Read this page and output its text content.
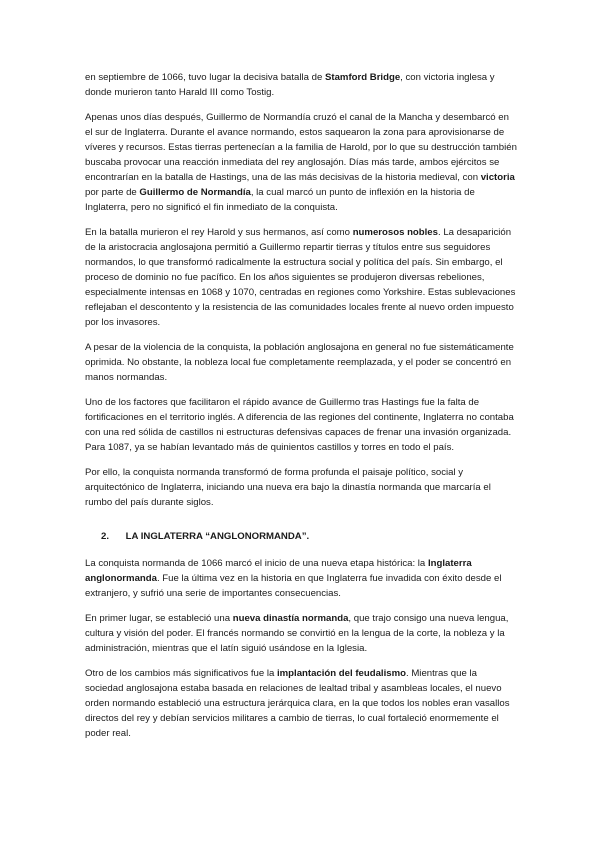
en septiembre de 1066, tuvo lugar la decisiva batalla de Stamford Bridge, con victoria inglesa y donde murieron tanto Harald III como Tostig.

Apenas unos días después, Guillermo de Normandía cruzó el canal de la Mancha y desembarcó en el sur de Inglaterra. Durante el avance normando, estos saquearon la zona para aprovisionarse de víveres y recursos. Estas tierras pertenecían a la familia de Harold, por lo que su destrucción también buscaba provocar una reacción inmediata del rey anglosajón. Días más tarde, ambos ejércitos se encontrarían en la batalla de Hastings, una de las más decisivas de la historia medieval, con victoria por parte de Guillermo de Normandía, la cual marcó un punto de inflexión en la historia de Inglaterra, pero no significó el fin inmediato de la conquista.

En la batalla murieron el rey Harold y sus hermanos, así como numerosos nobles. La desaparición de la aristocracia anglosajona permitió a Guillermo repartir tierras y títulos entre sus seguidores normandos, lo que transformó radicalmente la estructura social y política del país. Sin embargo, el proceso de dominio no fue pacífico. En los años siguientes se produjeron diversas rebeliones, especialmente intensas en 1068 y 1070, centradas en regiones como Yorkshire. Estas sublevaciones reflejaban el descontento y la resistencia de las comunidades locales frente al nuevo orden impuesto por los invasores.

A pesar de la violencia de la conquista, la población anglosajona en general no fue sistemáticamente oprimida. No obstante, la nobleza local fue completamente reemplazada, y el poder se concentró en manos normandas.

Uno de los factores que facilitaron el rápido avance de Guillermo tras Hastings fue la falta de fortificaciones en el territorio inglés. A diferencia de las regiones del continente, Inglaterra no contaba con una red sólida de castillos ni estructuras defensivas capaces de frenar una invasión organizada. Para 1087, ya se habían levantado más de quinientos castillos y torres en todo el país.

Por ello, la conquista normanda transformó de forma profunda el paisaje político, social y arquitectónico de Inglaterra, iniciando una nueva era bajo la dinastía normanda que marcaría el rumbo del país durante siglos.

2. LA INGLATERRA “ANGLONORMANDA”.

La conquista normanda de 1066 marcó el inicio de una nueva etapa histórica: la Inglaterra anglonormanda. Fue la última vez en la historia en que Inglaterra fue invadida con éxito desde el extranjero, y sufrió una serie de importantes consecuencias.

En primer lugar, se estableció una nueva dinastía normanda, que trajo consigo una nueva lengua, cultura y visión del poder. El francés normando se convirtió en la lengua de la corte, la nobleza y la administración, mientras que el latín siguió usándose en la Iglesia.

Otro de los cambios más significativos fue la implantación del feudalismo. Mientras que la sociedad anglosajona estaba basada en relaciones de lealtad tribal y asambleas locales, el nuevo orden normando estableció una estructura jerárquica clara, en la que todos los nobles eran vasallos directos del rey y debían servicios militares a cambio de tierras, lo cual fortaleció enormemente el poder real.
